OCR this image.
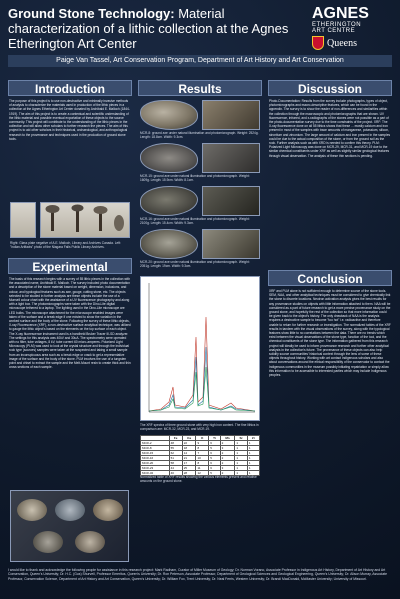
Ground Stone Technology: Material characterization of a lithic collection at the Agnes Etherington Art Center
AGNES
ETHERINGTON
ART CENTRE
Queens
Paige Van Tassel, Art Conservation Program, Department of Art History and Art Conservation
Introduction
The purpose of this project is to use non-destructive and minimally invasive methods of analysis to characterize the materials used in production of the lithic pieces in a collection at the Agnes Etherington Art Center donated by Archibald E. Malloch (1844-1919). The aim of this project is to create a contextual and scientific understanding of the lithic material and possible eventual exportation of these objects to the source community. This project will contribute to the understanding of the lithic pieces in the collection and will allow other scholars to further research the pieces. The aim of this project is to aid other scholars in their historical, archaeological, and anthropological research to the provenance and techniques used in the production of ground stone tools.
Right: Glass plate negative of A.E. Malloch, Library and Archives Canada. Left: "Indian Artifacts" photo of the Niagara Falls Public Library Archives.
Experimental
The basis of this research begins with a survey of 55 lithic pieces in the collection with the associated name, Archibald E. Malloch. The survey included photo documentation and a description of the stone material based on weight, dimension, inclusions, and colour, and typological features such as axe, gouge, cutting stone, etc. The objects selected to be studied in further analysis are these objects include the use of a Munsell colour chart with the assistance of a UV fluorescence photography and along with a light box. The photomicrographs were taken with the Dino-Lite digital microscope tethered to a laptop. The lighting used in the Dino-Lite microscope are LED bulbs. The microscope attachment for the microscope enabled images were taken of the surface and a break edge if one existed to show the variation in the worked surface and the body of the stone. Following the survey of these lithic objects, X-ray Fluorescence (XRF), a non-destructive surface analytical technique, was utilized to gauge the lithic object's based on the elements on the top surface of each object. The X-ray fluorescence instrument used is a handheld Bruker Tracer III-SD analyzer. The settings for this analysis was 40kV and 30uA. The spectrometry were operated with no filter, tube voltages, 8 kV, tube current 60 micro-amperes. Polarized Light Microscopy (PLM) was used to look at the crystal structure and through the individual rock type (sources) samples were taken at the suspected and taking a small sample from an inconspicuous area such as a break edge or crack to get a representative image of the surface and the body of the stone. PLM involves the use of a tungsten point and chisel to extract the sample and the Melt-Mount resin to create thick and thin cross sections of each sample.
Results
MCR-8: ground axe under natural illumination and photomicrograph. Weight: 2524g. Length: 18.8cm. Width: 9.3cm.
MCR-15: ground axe under natural illumination and photomicrograph. Weight: 1609g. Length: 15.9cm. Width: 8.1cm.
MCR-16: ground axe under natural illumination and photomicrograph. Weight: 2100g. Length: 15.4cm. Width: 9.3cm.
MCR-20: ground axe under natural illumination and photomicrograph. Weight: 2051g. Length: 19cm. Width: 9.3cm.
The XRF spectra of three ground stone with very high iron content. The fine lithics in comparison are: MCR-32, MCR-23, and MCR-19.
	Fe	Ca	K	Ti	Mn	Sr	Zr
MCR-2	48	22	9	6	2	1	1
MCR-8	55	18	8	5	3	1	1
MCR-15	62	14	7	6	2	1	1
MCR-16	51	21	10	5	2	1	1
MCR-20	58	17	8	6	2	1	1
MCR-23	44	25	11	6	3	1	1
MCR-32	40	28	12	5	2	1	1
Normalized table of XRF results showing the various elements present and relative amounts on the ground stone.
Discussion
Photo-Documentation: Results from the survey include photographs, types of object, photomicrographs and macro-descriptive features, which can be found in the appendix. The survey is to show the reader of non-differences and similarities within the collection through the macroscopic and photomicrographs that are shown. UV fluorescence, infrared, and x-radiographs of the stones were not possible as a part of the photo-documentation survey due to the time constraints of the project. XRF: The X-ray fluorescence done on all 55 lithics shows that these ... mostly calcium and iron present in most of the samples with trace amounts of manganese, potassium, silicon, strontium and zirconium. The large amount of calcium and iron present in the samples could be due to the actual composition of the stone, or from the ground soil as the rock. Further analysis such as with XRD is needed to confirm this theory. PLM: Polarized Light Microscopy was done on MCR-29, MCR-31, and MCR-19 due to the similar chemical constituents under XRF as well as slightly similar geological features through visual observation. The analysis of these thin sections is pending.
Conclusion
XRF and PLM alone is not sufficient enough to determine source of the stone tools. SEM, NAA, and other analytical techniques must be considered to give chemically link the stone to discrete locations. Neutron activation analysis gives the best results for any provenance studies on objects with little information attached to them. NAA will be considered as a part of future research to get a more precise provenance study on the ground stone, and hopefully the rest of the collection so that more information could be given back to the object's history. The only drawback of NAA is the analysis requires a destructive sample to become "too hot" i.e. radioactive and therefore unable to return for further research or investigation. The normalized tables of the XRF results in tandem with the visual observations of the survey, along with the typological features show little to no correlations between the data. There are no trends which exist between the visual observations of the stone type, function of the tool, and the chemical constituents of the stone type. The information gathered from this research project will ideally be used to inform provenance research and further other analytical analysis in the collection's future. The provenance of these objects can also help solidify source communities' historical context through the lens of some of these objects throughout history. Working with art contact Indigenous scholars and also about conversations around the ethical responsibility of the conservator to contact the Indigenous communities in the museum possibly initiating repatriation or simply allow this information to be accessible to interested parties which may include Indigenous peoples.
I would like to thank and acknowledge the following people for assistance in this research project: Mark Radham, Curator of Miller Museum of Geology; Dr. Norman Vorano, Associate Professor in Indigenous Art History, Department of Art History and Art Conservation, Queen's University; Dr. H.C. (Gus) Shurvell, Professor Emeritus, Queen's University; Dr. Ron Peterson, Associate Professor, Department of Geological Sciences and Geological Engineering, Queen's University; Dr. Alison Murray, Associate Professor, Conservation Science, Department of Art History and Art Conservation, Queen's University; Dr. William Fox, Trent University; Dr. Neal Ferris, Western University; Dr. Brandi MacDonald, McMaster University; University of Missouri.
